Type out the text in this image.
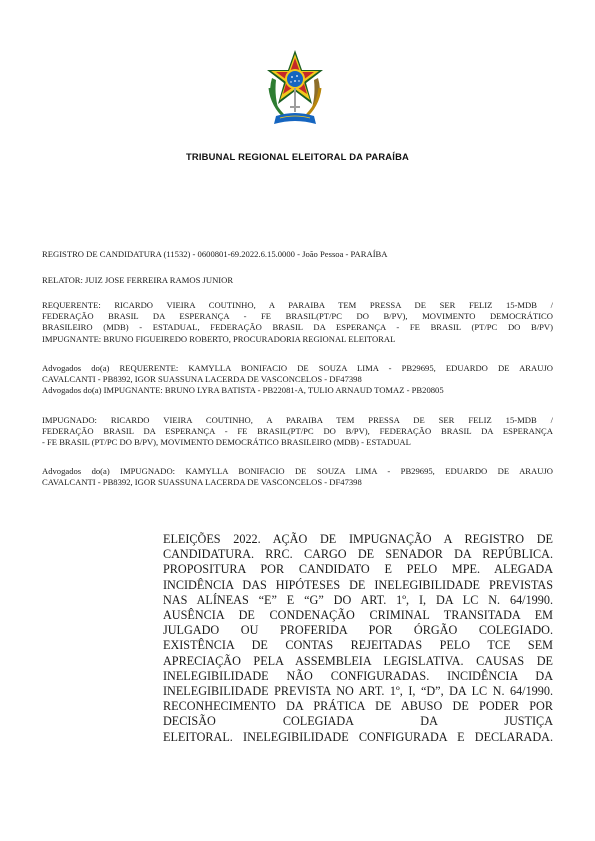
TRIBUNAL REGIONAL ELEITORAL DA PARAÍBA

REGISTRO DE CANDIDATURA (11532) - 0600801-69.2022.6.15.0000 - João Pessoa - PARAÍBA

RELATOR: JUIZ JOSE FERREIRA RAMOS JUNIOR

REQUERENTE: RICARDO VIEIRA COUTINHO, A PARAIBA TEM PRESSA DE SER FELIZ 15-MDB /

FEDERAÇÃO BRASIL DA ESPERANÇA - FE BRASIL(PT/PC DO B/PV), MOVIMENTO DEMOCRÁTICO

BRASILEIRO (MDB) - ESTADUAL, FEDERAÇÃO BRASIL DA ESPERANÇA - FE BRASIL (PT/PC DO B/PV)

IMPUGNANTE: BRUNO FIGUEIREDO ROBERTO, PROCURADORIA REGIONAL ELEITORAL

Advogados do(a) REQUERENTE: KAMYLLA BONIFACIO DE SOUZA LIMA - PB29695, EDUARDO DE ARAUJO

CAVALCANTI - PB8392, IGOR SUASSUNA LACERDA DE VASCONCELOS - DF47398

Advogados do(a) IMPUGNANTE: BRUNO LYRA BATISTA - PB22081-A, TULIO ARNAUD TOMAZ - PB20805

IMPUGNADO: RICARDO VIEIRA COUTINHO, A PARAIBA TEM PRESSA DE SER FELIZ 15-MDB /

FEDERAÇÃO BRASIL DA ESPERANÇA - FE BRASIL(PT/PC DO B/PV), FEDERAÇÃO BRASIL DA ESPERANÇA

- FE BRASIL (PT/PC DO B/PV), MOVIMENTO DEMOCRÁTICO BRASILEIRO (MDB) - ESTADUAL

Advogados do(a) IMPUGNADO: KAMYLLA BONIFACIO DE SOUZA LIMA - PB29695, EDUARDO DE ARAUJO

CAVALCANTI - PB8392, IGOR SUASSUNA LACERDA DE VASCONCELOS - DF47398

ELEIÇÕES 2022. AÇÃO DE IMPUGNAÇÃO A REGISTRO DE
CANDIDATURA. RRC. CARGO DE SENADOR DA REPÚBLICA.
PROPOSITURA POR CANDIDATO E PELO MPE. ALEGADA
INCIDÊNCIA DAS HIPÓTESES DE INELEGIBILIDADE PREVISTAS
NAS ALÍNEAS “E” E “G” DO ART. 1º, I, DA LC N. 64/1990.
AUSÊNCIA DE CONDENAÇÃO CRIMINAL TRANSITADA EM
JULGADO OU PROFERIDA POR ÓRGÃO COLEGIADO.
EXISTÊNCIA DE CONTAS REJEITADAS PELO TCE SEM
APRECIAÇÃO PELA ASSEMBLEIA LEGISLATIVA. CAUSAS DE
INELEGIBILIDADE NÃO CONFIGURADAS. INCIDÊNCIA DA
INELEGIBILIDADE PREVISTA NO ART. 1º, I, “D”, DA LC N. 64/1990.
RECONHECIMENTO DA PRÁTICA DE ABUSO DE PODER POR
DECISÃO COLEGIADA DA JUSTIÇA
ELEITORAL. INELEGIBILIDADE CONFIGURADA E DECLARADA.
